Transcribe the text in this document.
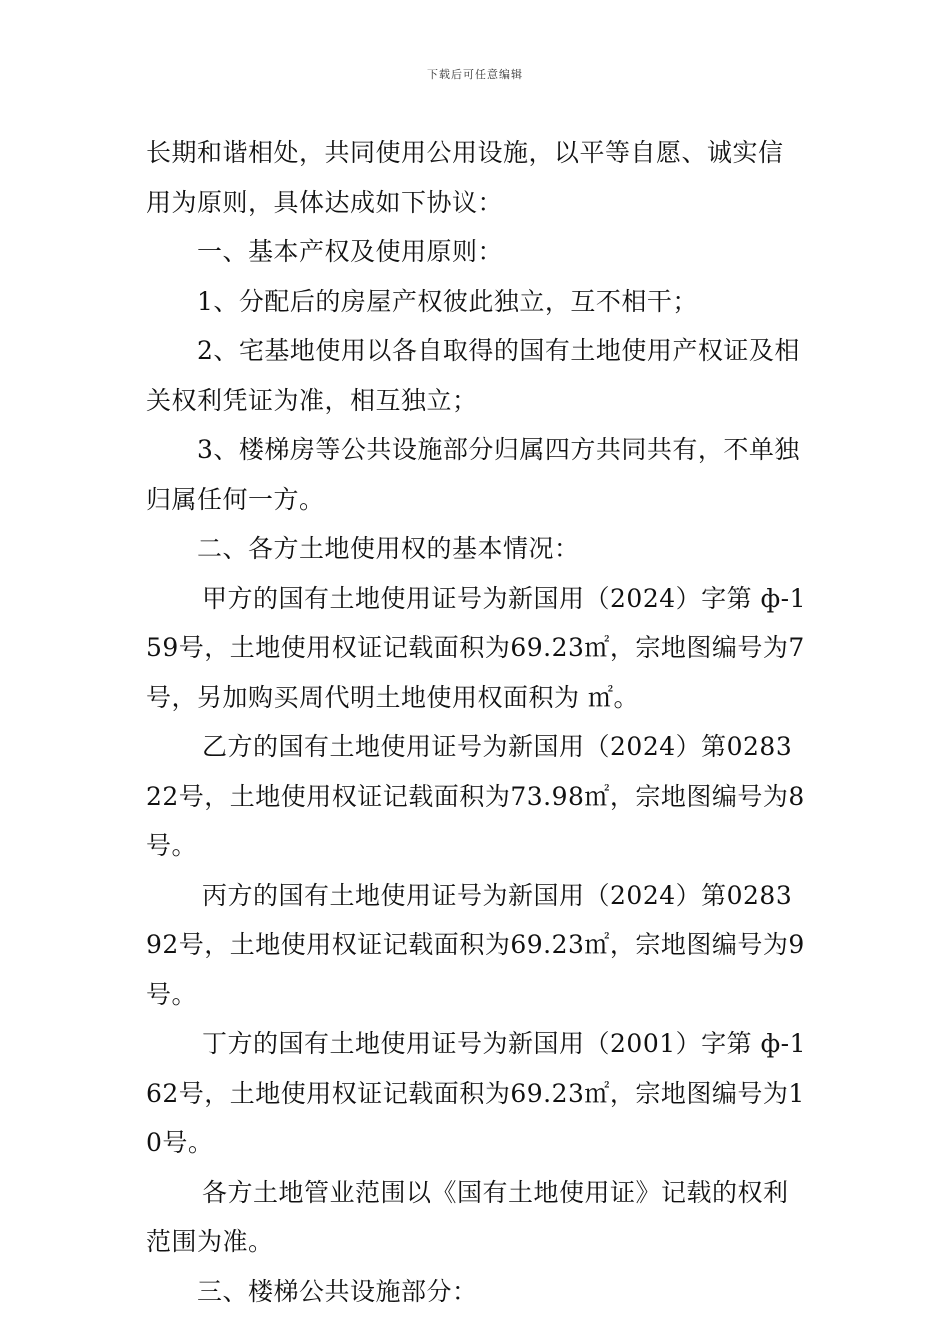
下载后可任意编辑

长期和谐相处，共同使用公用设施，以平等自愿、诚实信用为原则，具体达成如下协议：

一、基本产权及使用原则：

1、分配后的房屋产权彼此独立，互不相干；

2、宅基地使用以各自取得的国有土地使用产权证及相关权利凭证为准，相互独立；

3、楼梯房等公共设施部分归属四方共同共有，不单独归属任何一方。

二、各方土地使用权的基本情况：

甲方的国有土地使用证号为新国用（2024）字第 ф-159号，土地使用权证记载面积为69.23㎡，宗地图编号为7号，另加购买周代明土地使用权面积为 ㎡。

乙方的国有土地使用证号为新国用（2024）第028322号，土地使用权证记载面积为73.98㎡，宗地图编号为8号。

丙方的国有土地使用证号为新国用（2024）第028392号，土地使用权证记载面积为69.23㎡，宗地图编号为9号。

丁方的国有土地使用证号为新国用（2001）字第 ф-162号，土地使用权证记载面积为69.23㎡，宗地图编号为10号。

各方土地管业范围以《国有土地使用证》记载的权利范围为准。

三、楼梯公共设施部分：
